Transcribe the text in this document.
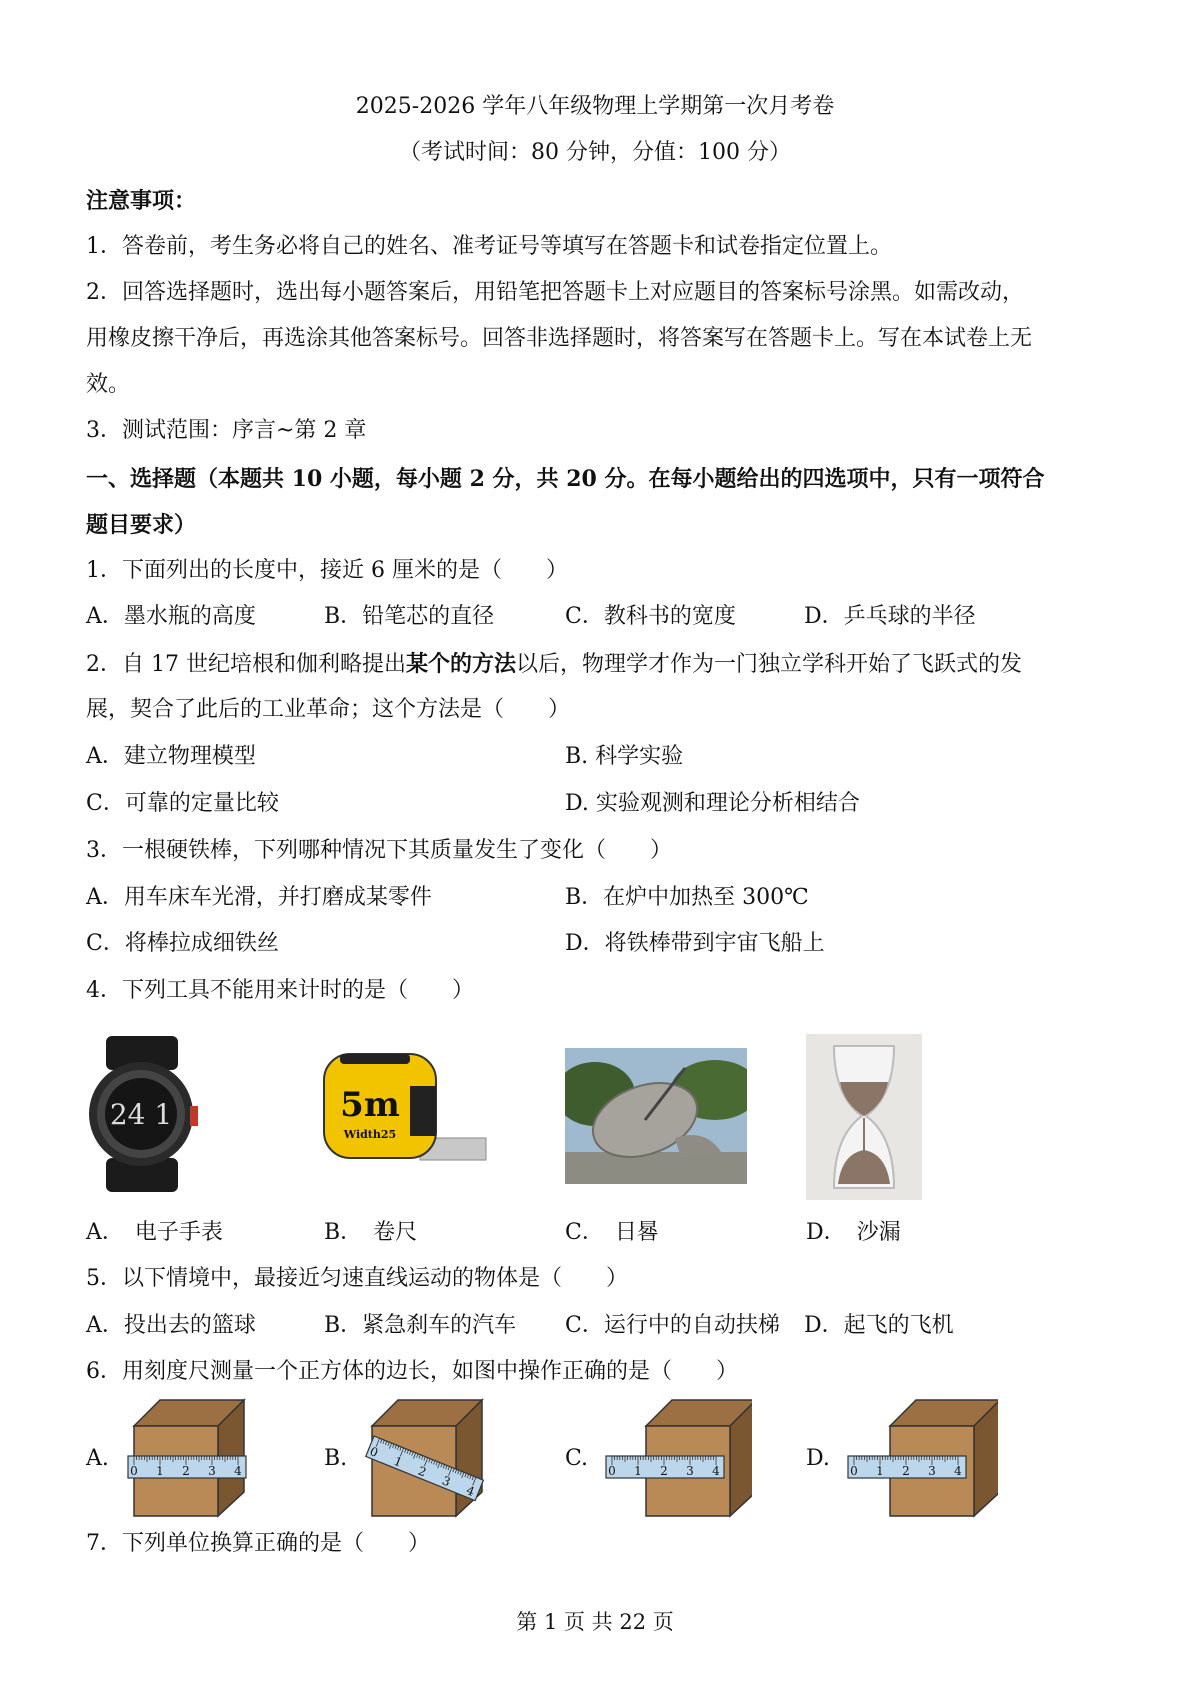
2025-2026 学年八年级物理上学期第一次月考卷
（考试时间：80 分钟，分值：100 分）
注意事项：
1．答卷前，考生务必将自己的姓名、准考证号等填写在答题卡和试卷指定位置上。
2．回答选择题时，选出每小题答案后，用铅笔把答题卡上对应题目的答案标号涂黑。如需改动，
用橡皮擦干净后，再选涂其他答案标号。回答非选择题时，将答案写在答题卡上。写在本试卷上无
效。
3．测试范围：序言~第 2 章
一、选择题（本题共 10 小题，每小题 2 分，共 20 分。在每小题给出的四选项中，只有一项符合
题目要求）
1．下面列出的长度中，接近 6 厘米的是（　　）
A．墨水瓶的高度	B．铅笔芯的直径	C．教科书的宽度	D．乒乓球的半径
2．自 17 世纪培根和伽利略提出某个的方法以后，物理学才作为一门独立学科开始了飞跃式的发
展，契合了此后的工业革命；这个方法是（　　）
A．建立物理模型	B. 科学实验
C．可靠的定量比较	D. 实验观测和理论分析相结合
3．一根硬铁棒，下列哪种情况下其质量发生了变化（　　）
A．用车床车光滑，并打磨成某零件	B．在炉中加热至 300℃
C．将棒拉成细铁丝	D．将铁棒带到宇宙飞船上
4．下列工具不能用来计时的是（　　）
24 1	5m
Width25
A．　电子手表	B．　卷尺	C．　日晷	D．　沙漏
5．以下情境中，最接近匀速直线运动的物体是（　　）
A．投出去的篮球	B．紧急刹车的汽车 C．运行中的自动扶梯 D．起飞的飞机
6．用刻度尺测量一个正方体的边长，如图中操作正确的是（　　）
A.	B.	C.	D.
0 1 2 3 4
0
1
2
3
4
0 1 2 3 4	0 1 2 3 4
7．下列单位换算正确的是（　　）
第 1 页 共 22 页
